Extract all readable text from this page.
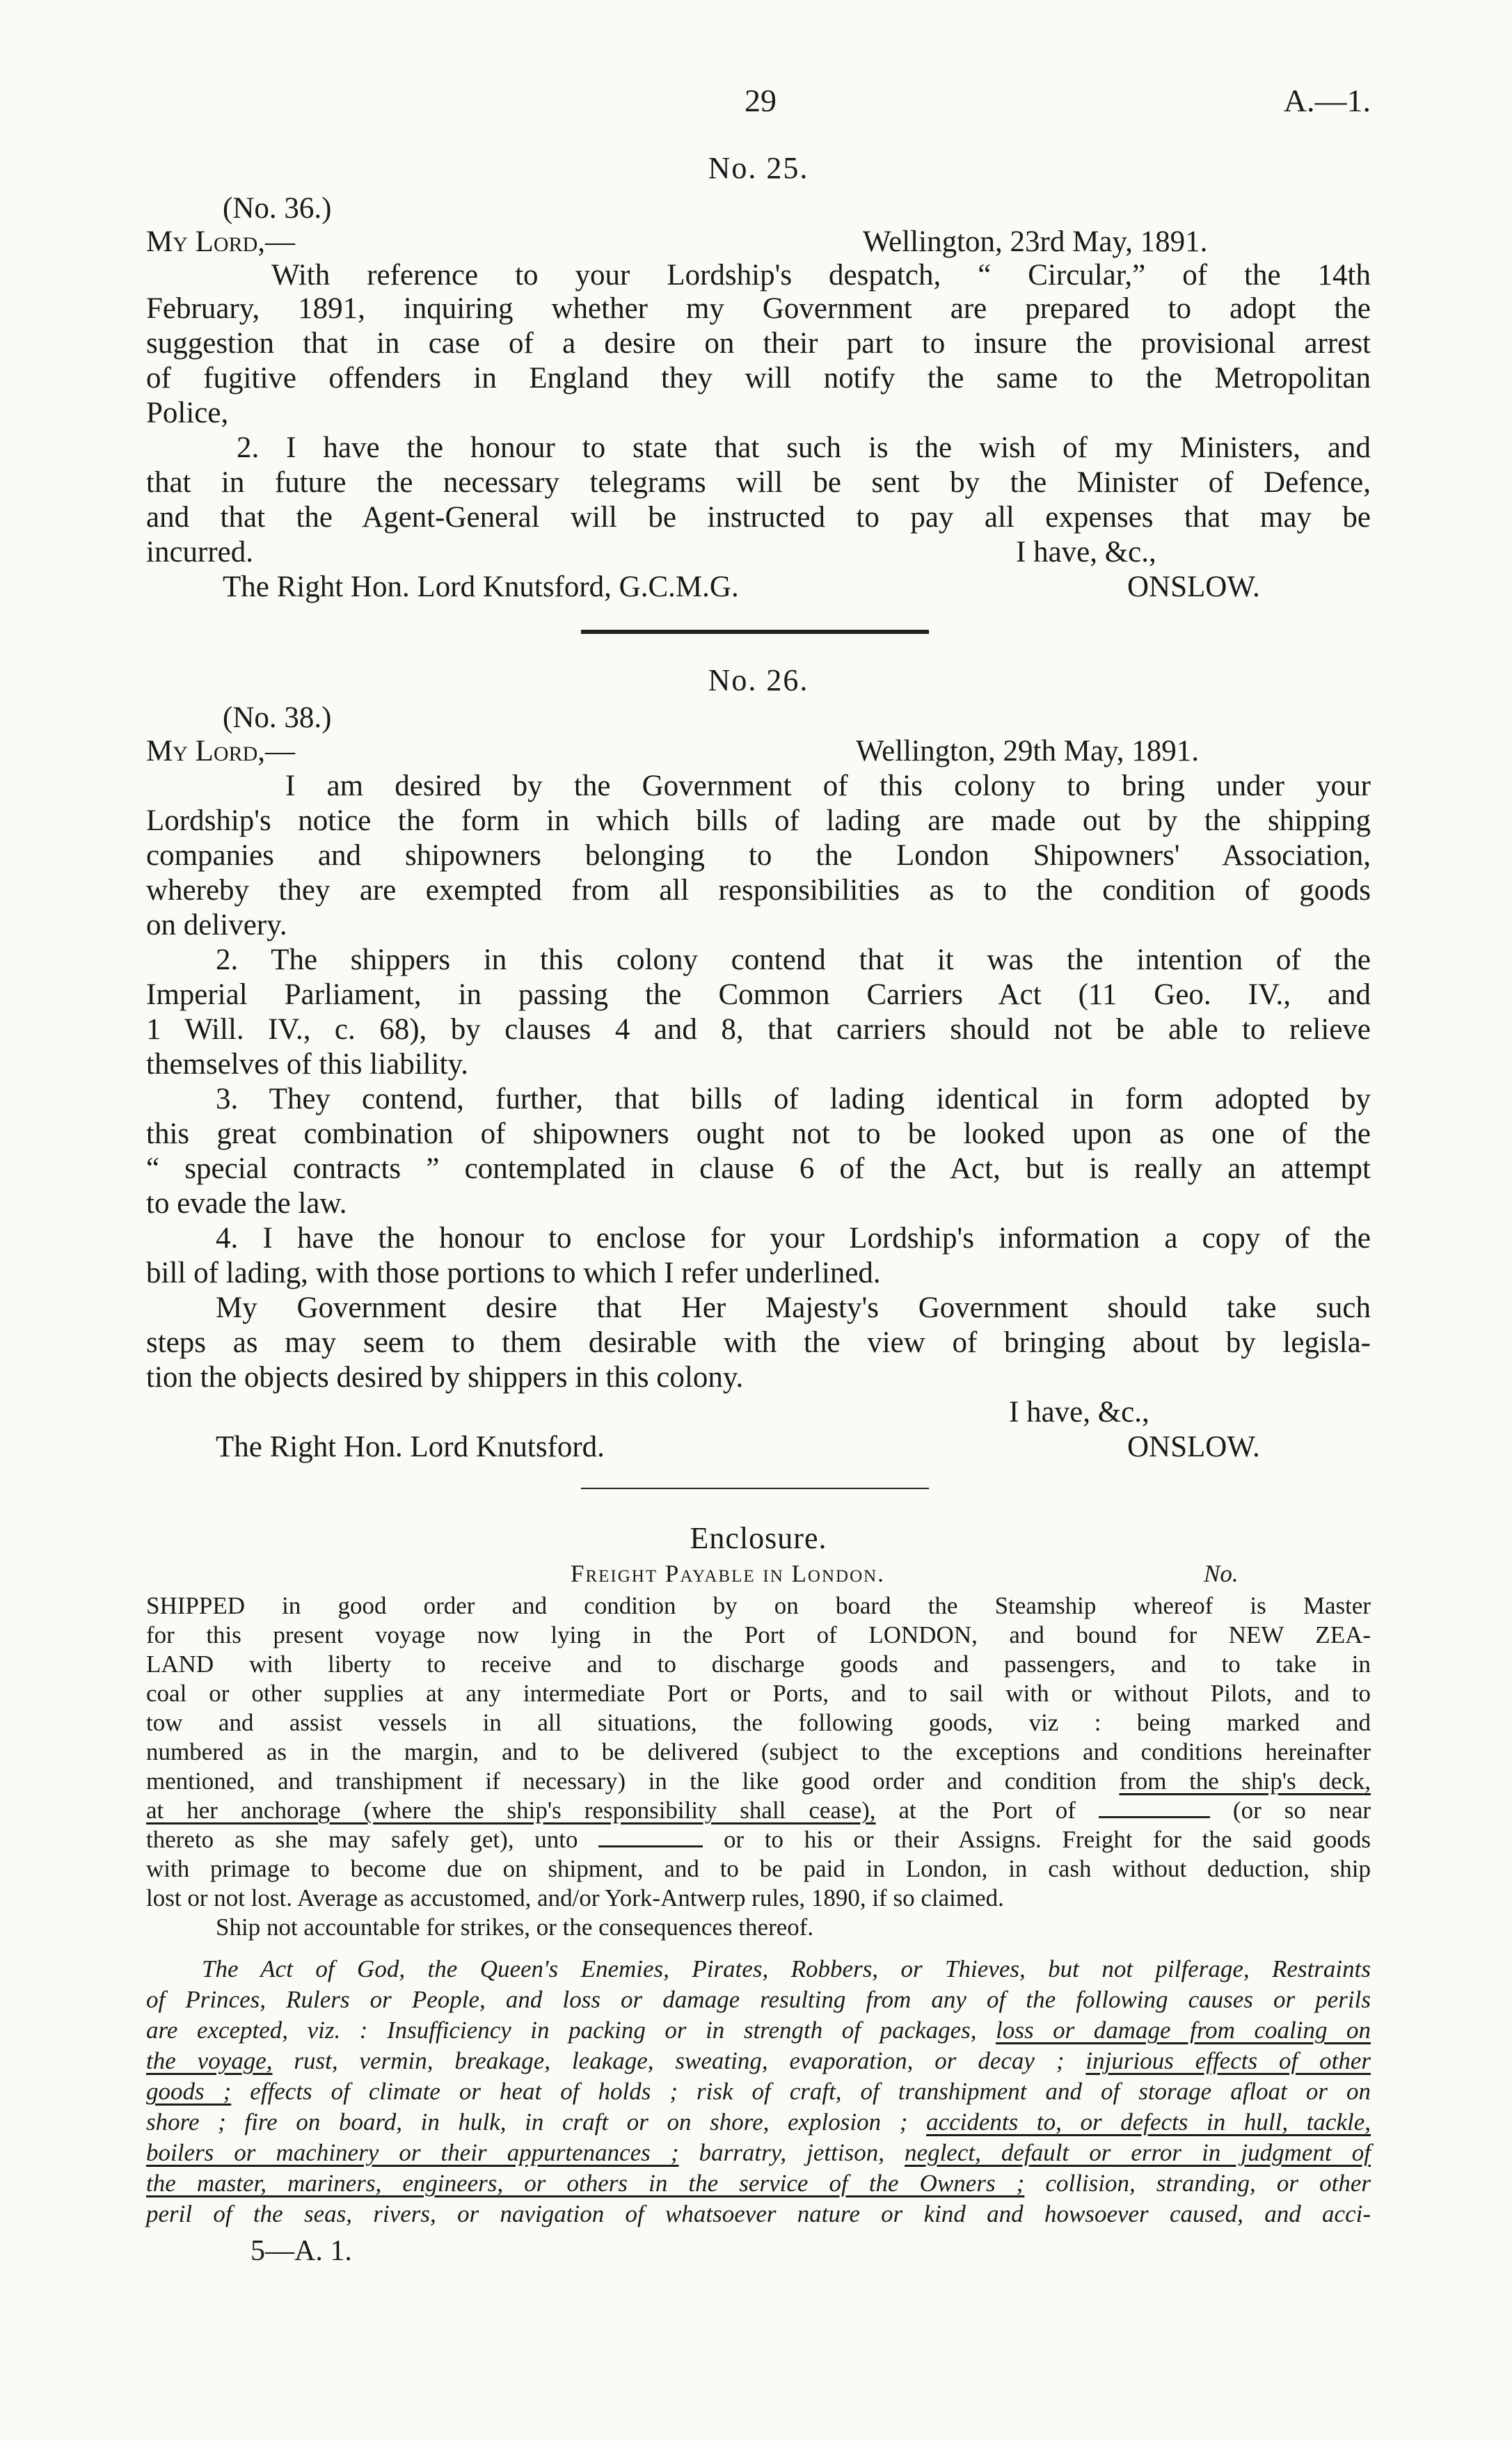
29	A.—1.
No. 25.
(No. 36.)
My Lord,—	Wellington, 23rd May, 1891.
With reference to your Lordship's despatch, “ Circular,” of the 14th
February, 1891, inquiring whether my Government are prepared to adopt the
suggestion that in case of a desire on their part to insure the provisional arrest
of fugitive offenders in England they will notify the same to the Metropolitan
Police,
2. I have the honour to state that such is the wish of my Ministers, and
that in future the necessary telegrams will be sent by the Minister of Defence,
and that the Agent-General will be instructed to pay all expenses that may be
incurred.	I have, &c.,
The Right Hon. Lord Knutsford, G.C.M.G.	ONSLOW.
No. 26.
(No. 38.)
My Lord,—	Wellington, 29th May, 1891.
I am desired by the Government of this colony to bring under your
Lordship's notice the form in which bills of lading are made out by the shipping
companies and shipowners belonging to the London Shipowners' Association,
whereby they are exempted from all responsibilities as to the condition of goods
on delivery.
2. The shippers in this colony contend that it was the intention of the
Imperial Parliament, in passing the Common Carriers Act (11 Geo. IV., and
1 Will. IV., c. 68), by clauses 4 and 8, that carriers should not be able to relieve
themselves of this liability.
3. They contend, further, that bills of lading identical in form adopted by
this great combination of shipowners ought not to be looked upon as one of the
“ special contracts ” contemplated in clause 6 of the Act, but is really an attempt
to evade the law.
4. I have the honour to enclose for your Lordship's information a copy of the
bill of lading, with those portions to which I refer underlined.
My Government desire that Her Majesty's Government should take such
steps as may seem to them desirable with the view of bringing about by legisla-
tion the objects desired by shippers in this colony.
I have, &c.,
The Right Hon. Lord Knutsford.	ONSLOW.
Enclosure.
Freight Payable in London.	No.
SHIPPED in good order and condition by on board the Steamship whereof is Master
for this present voyage now lying in the Port of LONDON, and bound for NEW ZEA-
LAND with liberty to receive and to discharge goods and passengers, and to take in
coal or other supplies at any intermediate Port or Ports, and to sail with or without Pilots, and to
tow and assist vessels in all situations, the following goods, viz : being marked and
numbered as in the margin, and to be delivered (subject to the exceptions and conditions hereinafter
mentioned, and transhipment if necessary) in the like good order and condition from the ship's deck,
at her anchorage (where the ship's responsibility shall cease), at the Port of	(or so near
thereto as she may safely get), unto	or to his or their Assigns. Freight for the said goods
with primage to become due on shipment, and to be paid in London, in cash without deduction, ship
lost or not lost. Average as accustomed, and/or York-Antwerp rules, 1890, if so claimed.
Ship not accountable for strikes, or the consequences thereof.
The Act of God, the Queen's Enemies, Pirates, Robbers, or Thieves, but not pilferage, Restraints
of Princes, Rulers or People, and loss or damage resulting from any of the following causes or perils
are excepted, viz. : Insufficiency in packing or in strength of packages, loss or damage from coaling on
the voyage, rust, vermin, breakage, leakage, sweating, evaporation, or decay ; injurious effects of other
goods ; effects of climate or heat of holds ; risk of craft, of transhipment and of storage afloat or on
shore ; fire on board, in hulk, in craft or on shore, explosion ; accidents to, or defects in hull, tackle,
boilers or machinery or their appurtenances ; barratry, jettison, neglect, default or error in judgment of
the master, mariners, engineers, or others in the service of the Owners ; collision, stranding, or other
peril of the seas, rivers, or navigation of whatsoever nature or kind and howsoever caused, and acci-
5—A. 1.
